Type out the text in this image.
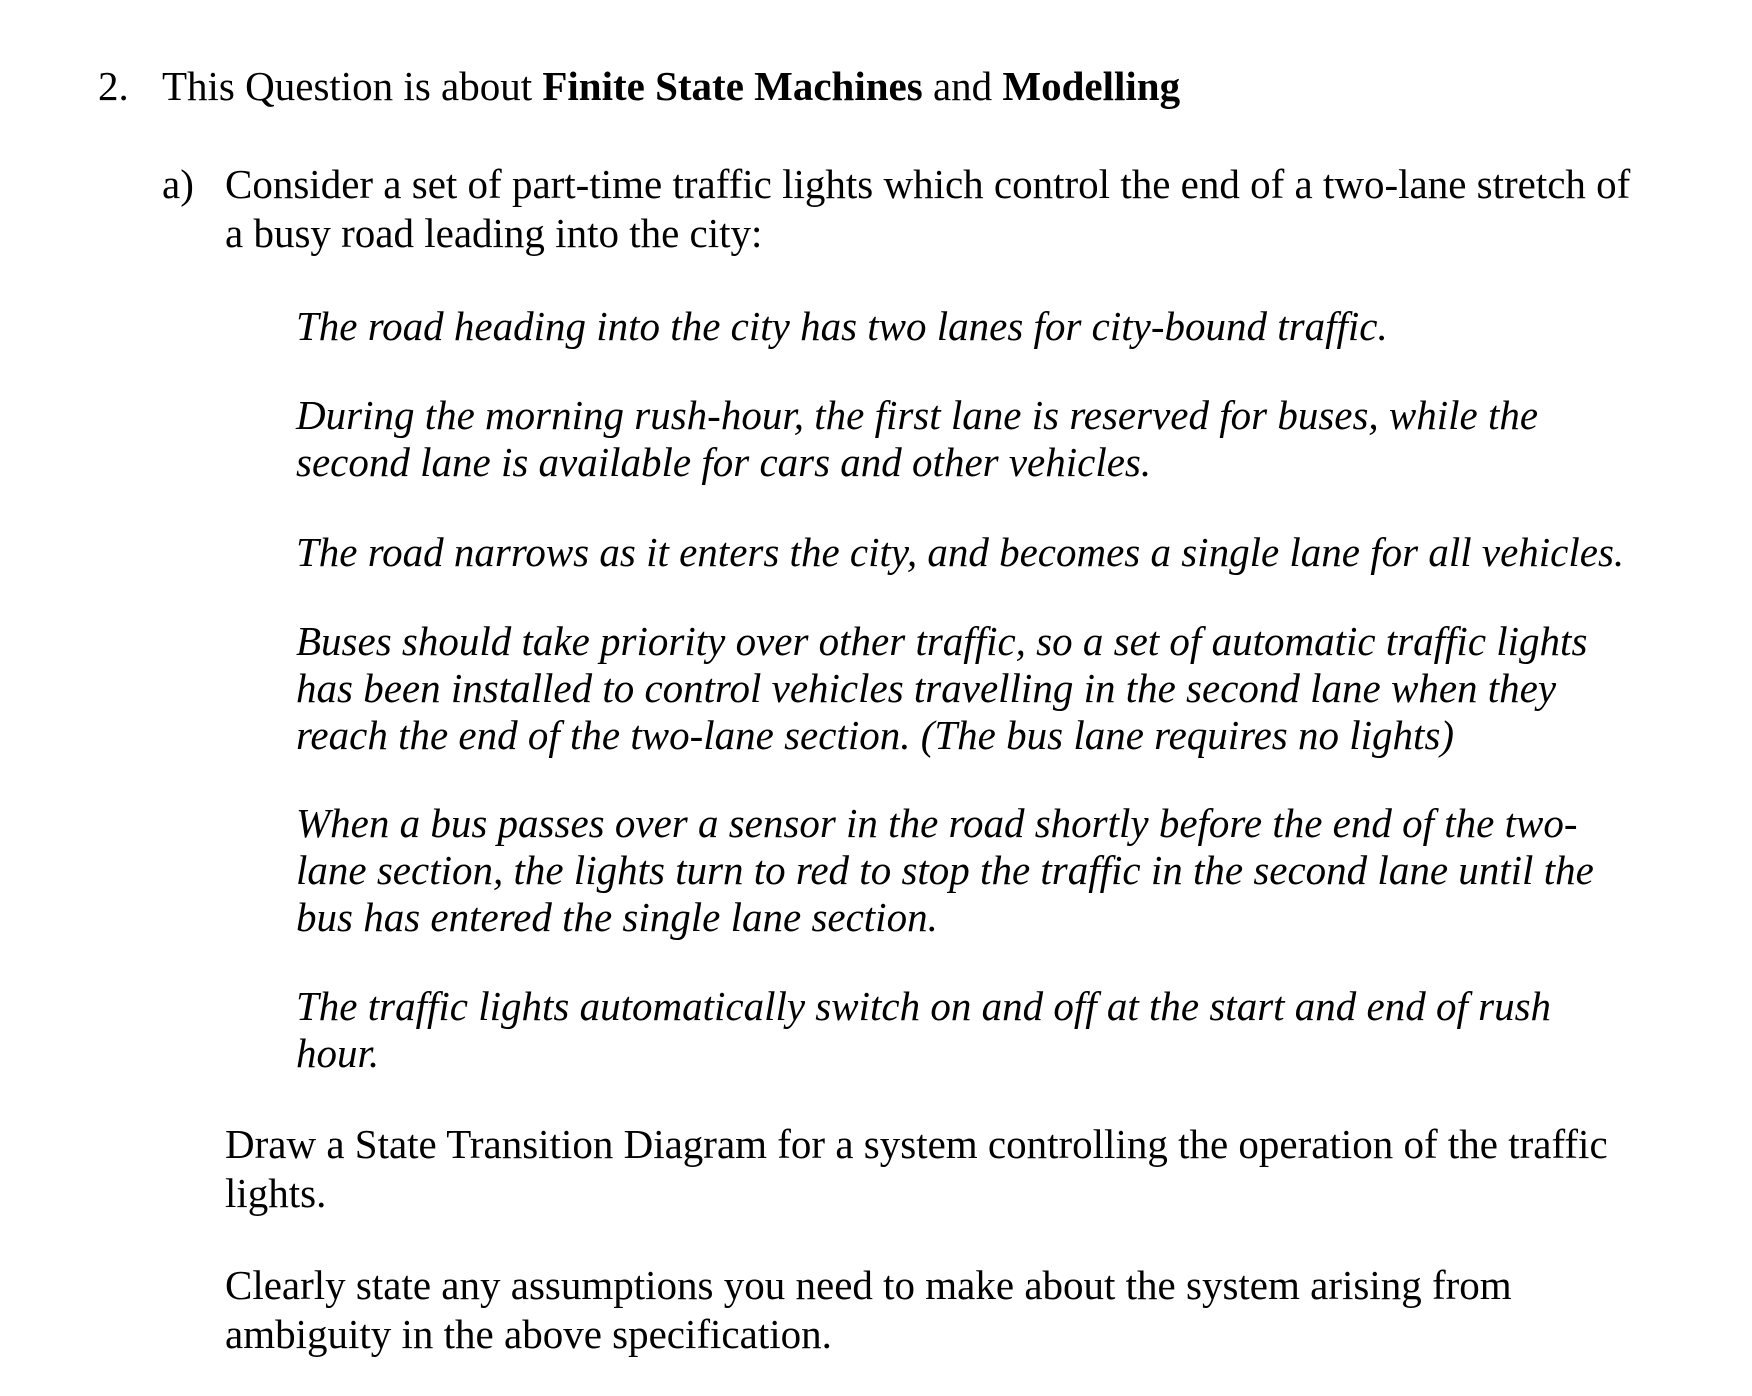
2. This Question is about Finite State Machines and Modelling
a) Consider a set of part-time traffic lights which control the end of a two-lane stretch of a busy road leading into the city:
The road heading into the city has two lanes for city-bound traffic.
During the morning rush-hour, the first lane is reserved for buses, while the second lane is available for cars and other vehicles.
The road narrows as it enters the city, and becomes a single lane for all vehicles.
Buses should take priority over other traffic, so a set of automatic traffic lights has been installed to control vehicles travelling in the second lane when they reach the end of the two-lane section. (The bus lane requires no lights)
When a bus passes over a sensor in the road shortly before the end of the two-lane section, the lights turn to red to stop the traffic in the second lane until the bus has entered the single lane section.
The traffic lights automatically switch on and off at the start and end of rush hour.
Draw a State Transition Diagram for a system controlling the operation of the traffic lights.
Clearly state any assumptions you need to make about the system arising from ambiguity in the above specification.
